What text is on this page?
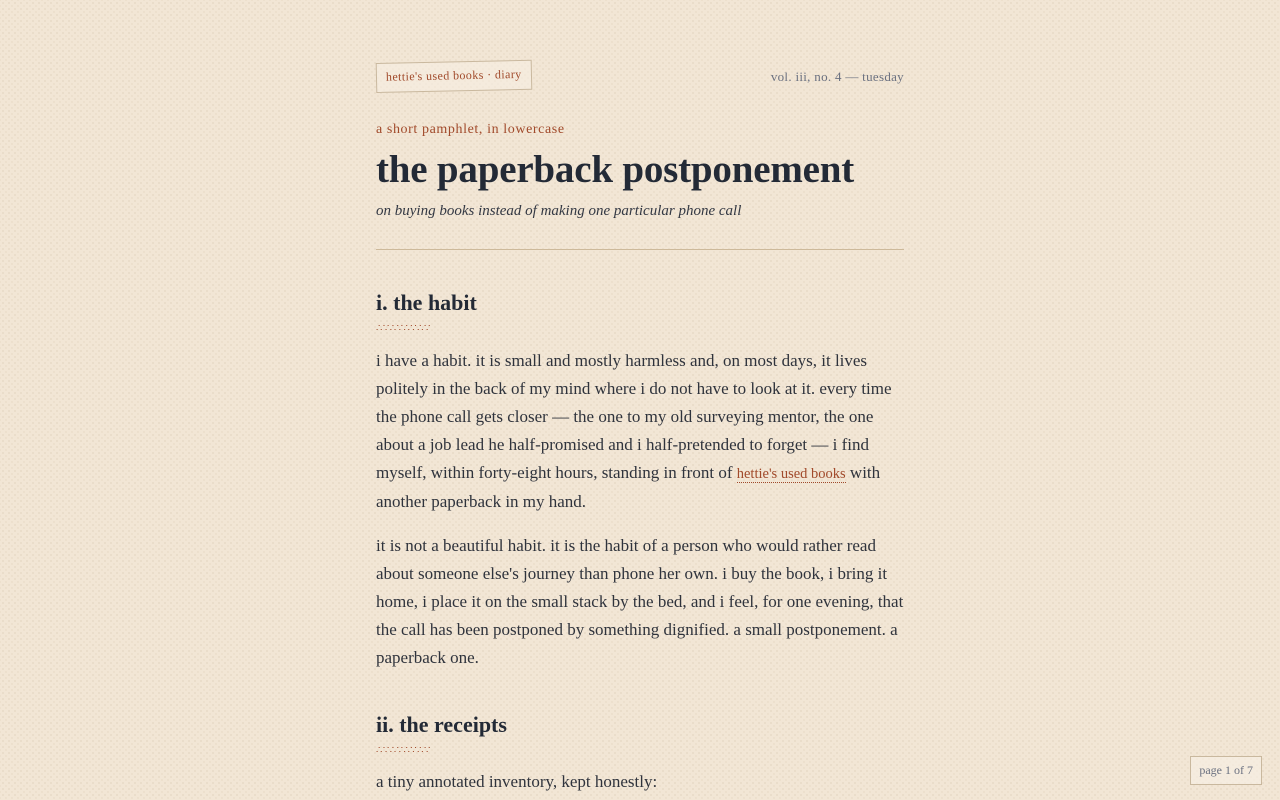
hettie's used books · diary	vol. iii, no. 4 — tuesday
a short pamphlet, in lowercase
the paperback postponement

on buying books instead of making one particular phone call

i. the habit
∴∵∴∵∴∵∴∵

i have a habit. it is small and mostly harmless and, on most days, it lives politely in the back of my mind where i do not have to look at it. every time the phone call gets closer — the one to my old surveying mentor, the one about a job lead he half-promised and i half-pretended to forget — i find myself, within forty-eight hours, standing in front of hettie's used books with another paperback in my hand.

it is not a beautiful habit. it is the habit of a person who would rather read about someone else's journey than phone her own. i buy the book, i bring it home, i place it on the small stack by the bed, and i feel, for one evening, that the call has been postponed by something dignified. a small postponement. a paperback one.

ii. the receipts
∴∵∴∵∴∵∴∵

a tiny annotated inventory, kept honestly:

page 1 of 7
